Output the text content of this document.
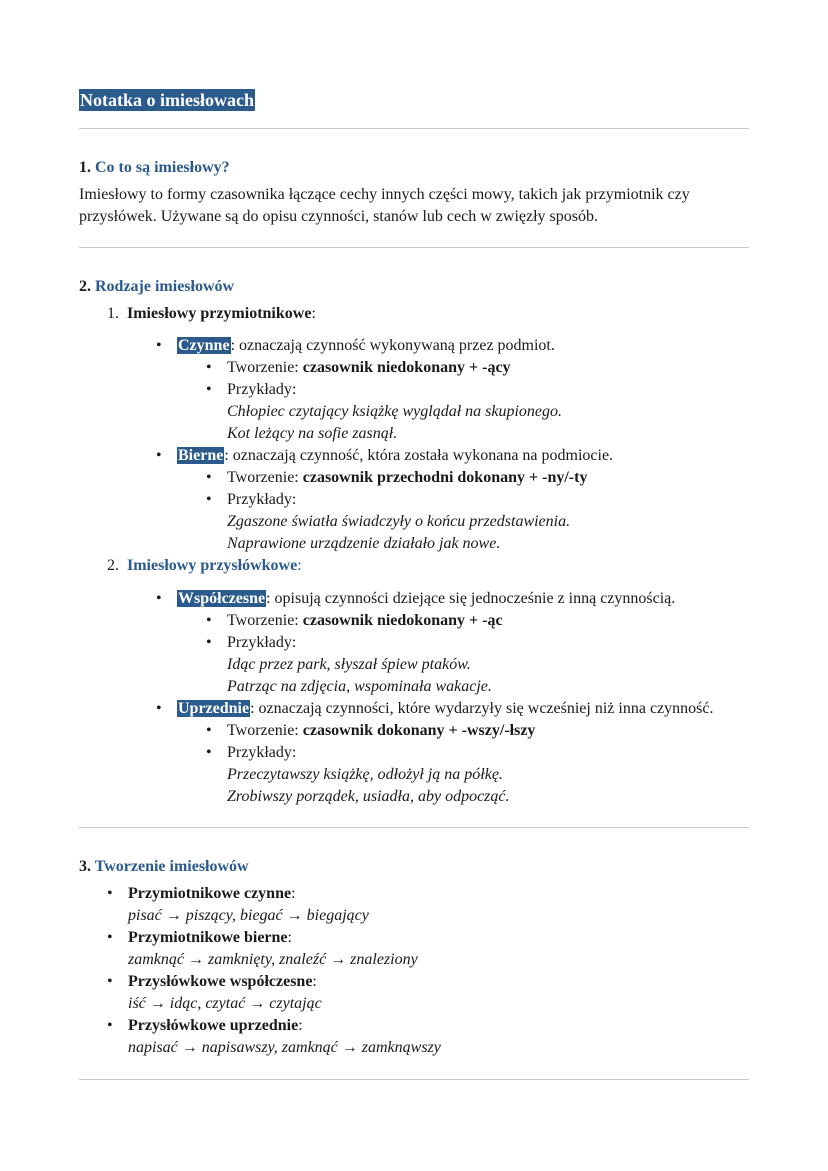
Notatka o imiesłowach
1. Co to są imiesłowy?
Imiesłowy to formy czasownika łączące cechy innych części mowy, takich jak przymiotnik czy
przysłówek. Używane są do opisu czynności, stanów lub cech w zwięzły sposób.
2. Rodzaje imiesłowów
1. Imiesłowy przymiotnikowe:
• Czynne: oznaczają czynność wykonywaną przez podmiot.
• Tworzenie: czasownik niedokonany + -ący
• Przykłady:
Chłopiec czytający książkę wyglądał na skupionego.
Kot leżący na sofie zasnął.
• Bierne: oznaczają czynność, która została wykonana na podmiocie.
• Tworzenie: czasownik przechodni dokonany + -ny/-ty
• Przykłady:
Zgaszone światła świadczyły o końcu przedstawienia.
Naprawione urządzenie działało jak nowe.
2. Imiesłowy przysłówkowe:
• Współczesne: opisują czynności dziejące się jednocześnie z inną czynnością.
• Tworzenie: czasownik niedokonany + -ąc
• Przykłady:
Idąc przez park, słyszał śpiew ptaków.
Patrząc na zdjęcia, wspominała wakacje.
• Uprzednie: oznaczają czynności, które wydarzyły się wcześniej niż inna czynność.
• Tworzenie: czasownik dokonany + -wszy/-łszy
• Przykłady:
Przeczytawszy książkę, odłożył ją na półkę.
Zrobiwszy porządek, usiadła, aby odpocząć.
3. Tworzenie imiesłowów
• Przymiotnikowe czynne:
pisać → piszący, biegać → biegający
• Przymiotnikowe bierne:
zamknąć → zamknięty, znaleźć → znaleziony
• Przysłówkowe współczesne:
iść → idąc, czytać → czytając
• Przysłówkowe uprzednie:
napisać → napisawszy, zamknąć → zamknąwszy
